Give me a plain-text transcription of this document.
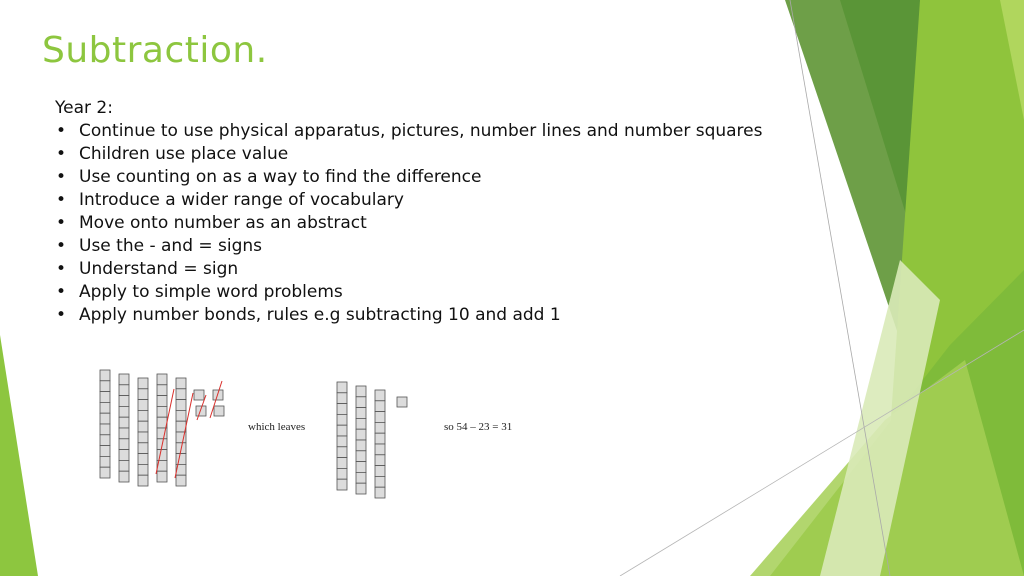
Subtraction.

Year 2:

• Continue to use physical apparatus, pictures, number lines and number squares
• Children use place value
• Use counting on as a way to find the difference
• Introduce a wider range of vocabulary
• Move onto number as an abstract
• Use the - and = signs
• Understand = sign
• Apply to simple word problems
• Apply number bonds, rules e.g subtracting 10 and add 1
which leaves	so 54 – 23 = 31
